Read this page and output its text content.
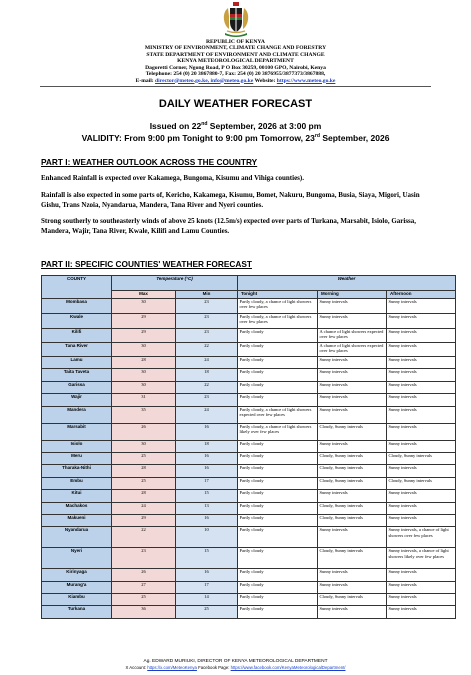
REPUBLIC OF KENYA
MINISTRY OF ENVIRONMENT, CLIMATE CHANGE AND FORESTRY
STATE DEPARTMENT OF ENVIRONMENT AND CLIMATE CHANGE
KENYA METEOROLOGICAL DEPARTMENT
Dagoretti Corner, Ngong Road, P O Box 30259, 00100 GPO, Nairobi, Kenya
Telephone: 254 (0) 20 3867880-7, Fax: 254 (0) 20 3876955/3877373/3867888,
E-mail: director@meteo.go.ke, info@meteo.go.ke Website: https://www.meteo.go.ke
DAILY WEATHER FORECAST
Issued on 22nd September, 2026 at 3:00 pm
VALIDITY: From 9:00 pm Tonight to 9:00 pm Tomorrow, 23rd September, 2026
PART I: WEATHER OUTLOOK ACROSS THE COUNTRY
Enhanced Rainfall is expected over Kakamega, Bungoma, Kisumu and Vihiga counties).
Rainfall is also expected in some parts of, Kericho, Kakamega, Kisumu, Bomet, Nakuru, Bungoma, Busia, Siaya, Migori, Uasin Gishu, Trans Nzoia, Nyandarua, Mandera, Tana River and Nyeri counties.
Strong southerly to southeasterly winds of above 25 knots (12.5m/s) expected over parts of Turkana, Marsabit, Isiolo, Garissa, Mandera, Wajir, Tana River, Kwale, Kilifi and Lamu Counties.
PART II: SPECIFIC COUNTIES' WEATHER FORECAST
COUNTY	Temperature (°C)		Weather		
	Max	Min	Tonight	Morning	Afternoon
Mombasa	30	23	Partly cloudy, a chance of light showers over few places	Sunny intervals	Sunny intervals
Kwale	29	23	Partly cloudy, a chance of light showers over few places	Sunny intervals	Sunny intervals
Kilifi	29	23	Partly cloudy	A chance of light showers expected over few places	Sunny intervals
Tana River	30	22	Partly cloudy	A chance of light showers expected over few places	Sunny intervals
Lamu	28	24	Partly cloudy	Sunny intervals	Sunny intervals
Taita Taveta	30	18	Partly cloudy	Sunny intervals	Sunny intervals
Garissa	30	22	Partly cloudy	Sunny intervals	Sunny intervals
Wajir	31	23	Partly cloudy	Sunny intervals	Sunny intervals
Mandera	35	24	Partly cloudy, a chance of light showers expected over few places	Sunny intervals	Sunny intervals
Marsabit	26	16	Partly cloudy, a chance of light showers likely over few places	Cloudy, Sunny intervals	Sunny intervals
Isiolo	30	18	Partly cloudy	Sunny intervals	Sunny intervals
Meru	25	16	Partly cloudy	Cloudy, Sunny intervals	Cloudy, Sunny intervals
Tharaka-Nithi	28	16	Partly cloudy	Cloudy, Sunny intervals	Sunny intervals
Embu	25	17	Partly cloudy	Cloudy, Sunny intervals	Cloudy, Sunny intervals
Kitui	28	15	Partly cloudy	Sunny intervals	Sunny intervals
Machakos	24	13	Partly cloudy	Cloudy, Sunny intervals	Sunny intervals
Makueni	29	16	Partly cloudy	Cloudy, Sunny intervals	Sunny intervals
Nyandarua	22	10	Partly cloudy	Sunny intervals	Sunny intervals, a chance of light showers over few places
Nyeri	23	15	Partly cloudy	Cloudy, Sunny intervals	Sunny intervals, a chance of light showers likely over few places
Kirinyaga	26	16	Partly cloudy	Sunny intervals	Sunny intervals
Murang'a	27	17	Partly cloudy	Sunny intervals	Sunny intervals
Kiambu	25	14	Partly cloudy	Cloudy, Sunny intervals	Sunny intervals
Turkana	36	25	Partly cloudy	Sunny intervals	Sunny intervals
Ag. EDWARD MURIUKI, DIRECTOR OF KENYA METEOROLOGICAL DEPARTMENT
X Account: https://x.com/MeteoKenya Facebook Page: https://www.facebook.com/KenyaMeteorologicalDepartment/
